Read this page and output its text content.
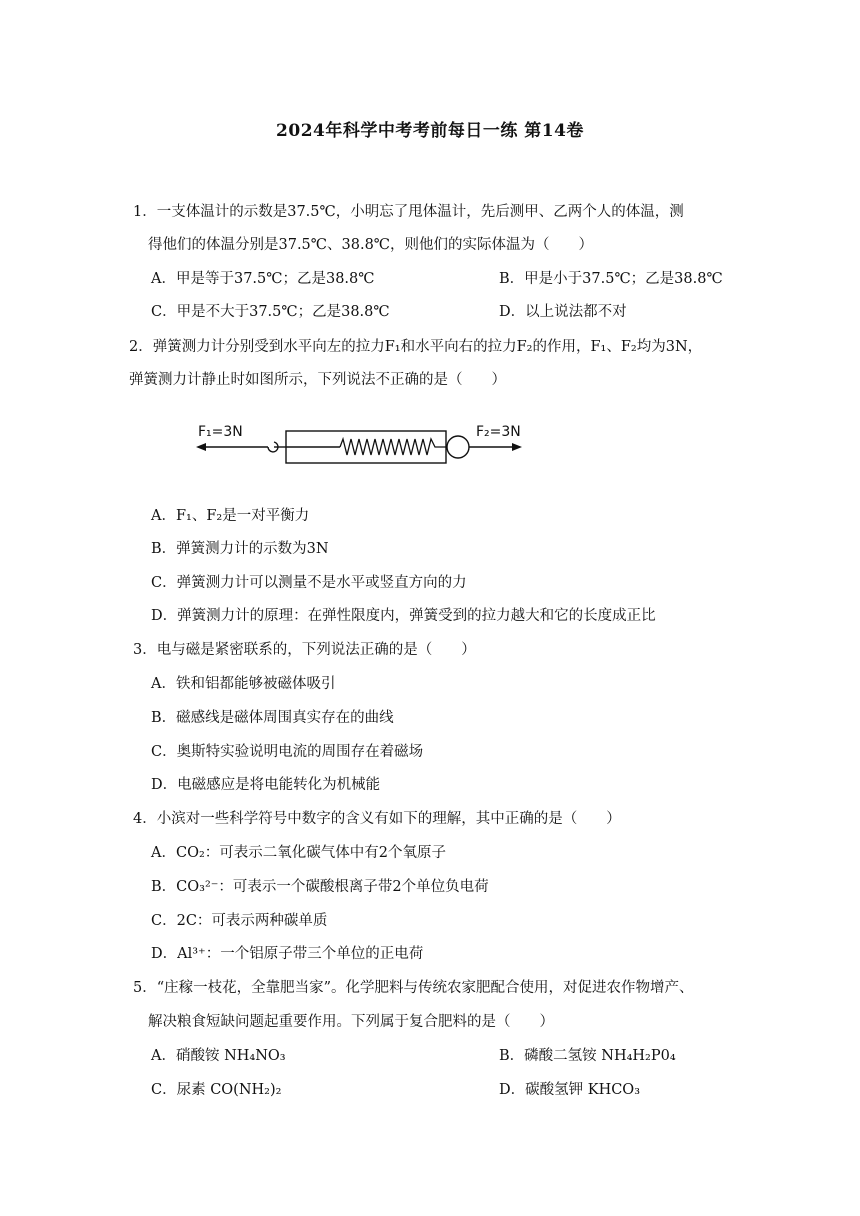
2024年科学中考考前每日一练 第14卷
1．一支体温计的示数是37.5℃，小明忘了甩体温计，先后测甲、乙两个人的体温，测
得他们的体温分别是37.5℃、38.8℃，则他们的实际体温为（　　）
A．甲是等于37.5℃；乙是38.8℃	B．甲是小于37.5℃；乙是38.8℃
C．甲是不大于37.5℃；乙是38.8℃	D．以上说法都不对
2．弹簧测力计分别受到水平向左的拉力F₁和水平向右的拉力F₂的作用，F₁、F₂均为3N，
弹簧测力计静止时如图所示，下列说法不正确的是（　　）
F₁=3N	F₂=3N
A．F₁、F₂是一对平衡力
B．弹簧测力计的示数为3N
C．弹簧测力计可以测量不是水平或竖直方向的力
D．弹簧测力计的原理：在弹性限度内，弹簧受到的拉力越大和它的长度成正比
3．电与磁是紧密联系的，下列说法正确的是（　　）
A．铁和铝都能够被磁体吸引
B．磁感线是磁体周围真实存在的曲线
C．奥斯特实验说明电流的周围存在着磁场
D．电磁感应是将电能转化为机械能
4．小滨对一些科学符号中数字的含义有如下的理解，其中正确的是（　　）
A．CO₂：可表示二氧化碳气体中有2个氧原子
B．CO₃²⁻：可表示一个碳酸根离子带2个单位负电荷
C．2C：可表示两种碳单质
D．Al³⁺：一个铝原子带三个单位的正电荷
5．“庄稼一枝花，全靠肥当家”。化学肥料与传统农家肥配合使用，对促进农作物增产、
解决粮食短缺问题起重要作用。下列属于复合肥料的是（　　）
A．硝酸铵 NH₄NO₃	B．磷酸二氢铵 NH₄H₂P0₄
C．尿素 CO(NH₂)₂	D．碳酸氢钾 KHCO₃
